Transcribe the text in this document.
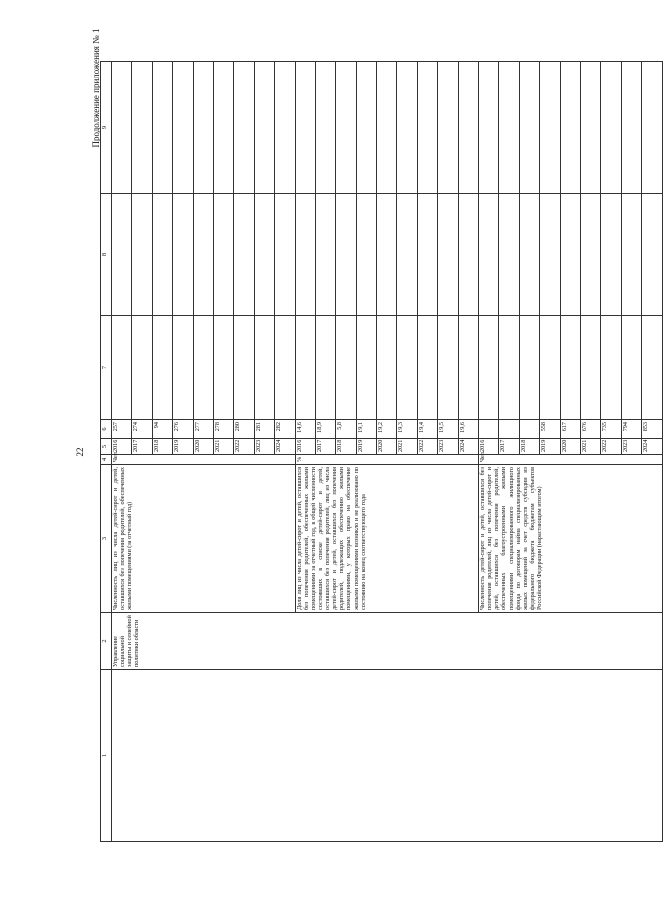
22
Продолжение приложения № 1
1	2	3	4	5	6	7	8	9
	Управление социальной защиты и семейной политики области	Численность лиц из числа детей-сирот и детей, оставшихся без попечения родителей, обеспеченных жилыми помещениями (за отчетный год)	Чел.	2016	257			
				2017	274			
				2018	94			
				2019	276			
				2020	277			
				2021	278			
				2022	280			
				2023	281			
				2024	282			
		Доля лиц из числа детей-сирот и детей, оставшихся без попечения родителей, обеспеченных жилыми помещениями за отчетный год, в общей численности состоявших в списке детей-сирот и детей, оставшихся без попечения родителей, лиц из числа детей-сирот и детей, оставшихся без попечения родителей, подлежащих обеспечению жилыми помещениями, у которых право на обеспечение жилыми помещениями возникло и не реализовано по состоянию на конец соответствующего года	%	2016	14,6			
				2017	18,9			
				2018	5,8			
				2019	19,1			
				2020	19,2			
				2021	19,3			
				2022	19,4			
				2023	19,5			
				2024	19,6			
		Численность детей-сирот и детей, оставшихся без попечения родителей, лиц из числа детей-сирот и детей, оставшихся без попечения родителей, обеспеченных благоустроенными жилыми помещениями специализированного жилищного фонда по договорам найма специализированных жилых помещений за счет средств субсидии из федерального бюджета бюджетам субъектов Российской Федерации (нарастающим итогом)	Чел.	2016				
				2017				
				2018				
				2019	558			
				2020	617			
				2021	676			
				2022	735			
				2023	794			
				2024	853			
